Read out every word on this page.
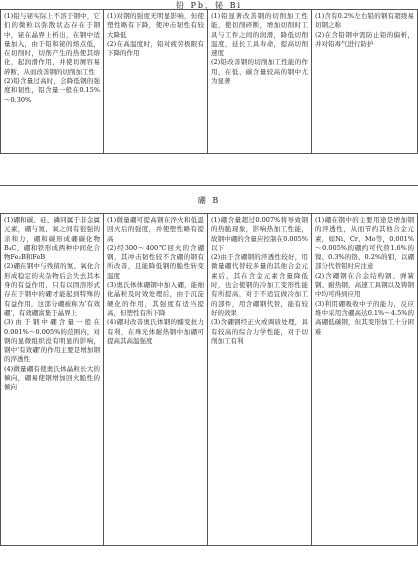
铅 Pb，铋 Bi

(1)铅与铋实际上不溶于钢中，它们的微粒以弥散状态存在于钢中，铋在晶界上析出，在钢中适量加入，由于铅和铋的熔点低，在切削时，切削产生的热使其熔化，起润滑作用，并使切屑容易碎断，从而改善钢的切削加工性

(2)铅含量过高时，会降低钢的强度和韧性，铅含量一般在0.15%～0.30%

(1)对钢的强度无明显影响，但使塑性略有下降，使冲击韧性有较大降低

(2)在高温度时，铅对疲劳极限有下降的作用

(1)铅显著改善钢的切削加工性能，使切削碎断，增加切削时工具与工件之间的润滑，降低切削温度，延长工具寿命，提高切削速度

(2)铅改善钢的切削加工性能的作用，在低、碳含量较高的钢中尤为显著

(1)含有0.2%左右铅的钢有超级易切钢之称

(2)在含铅钢中需防止铅的偏析，并对铅毒气进行防护

硼 B

(1)硼和碳、硅、磷同属于非金属元素，硼与氮、氧之间有很强的亲和力，硼和碳形成硼碳化物B₄C，硼和铁形成两种中间化合物Fe₂B和FeB

(2)硼在钢中与残留的氮、氧化合形成稳定的夹杂物后会失去其本身的有益作用，只有以固溶形式存在于钢中的硼才能起到特殊的有益作用，这部分硼被称为'有效硼'，有效硼富集于晶界上

(3)由于钢中硼含量一般在0.001%～0.005%的范围内，对钢的显微组织没有明显的影响，钢中'有效硼'的作用主要是增加钢的淬透性

(4)微量硼有使奥氏体晶粒长大的倾向，硼易使钢增加回火脆性的倾向

(1)微量硼可提高钢在淬火和低温回火后的强度，并使塑性略有提高

(2)经300～400℃回火的含硼钢，其冲击韧性较不含硼的钢有所改善，且能降低钢的脆性转变温度

(3)奥氏体体硼钢中加入硼，能细化晶粒及时效处理后，由于沉淀硬化的作用，其强度有适当提高，但塑性有所下降

(4)硼对改善奥氏体钢的蠕变抗力有利，在珠光体耐热钢中加硼可提高其高温强度

(1)硼含量超过0.007%将导致钢的热脆现象，影响热加工性能，故钢中硼的含量应控制在0.005%以下

(2)由于含硼钢的淬透性较好，用微量硼代替较多量的其他合金元素后，其在含金元素含量降低时，也会使钢的冷加工变形性能有所提高，对于不适宜做冷加工的部件，用含硼钢代替，能有较好的效果

(3)含硼钢经正火或调质处理，具有较高的综合力学性能，对于切削加工有利

(1)硼在钢中的主要用途是增加钢的淬透性，从而节约其他合金元素，如Ni、Cr、Mo等，0.001%～0.005%的硼约可代替1.6%的镍、0.3%的铬、0.2%的钼，以硼部分代替钼时应注意

(2)含硼钢在合金结构钢、弹簧钢、耐热钢、高速工具钢以及铸钢中均可得到应用

(3)利用硼吸收中子的能力，反应堆中采用含硼高达0.1%～4.5%的高硼低碳钢，但其变形加工十分困难
